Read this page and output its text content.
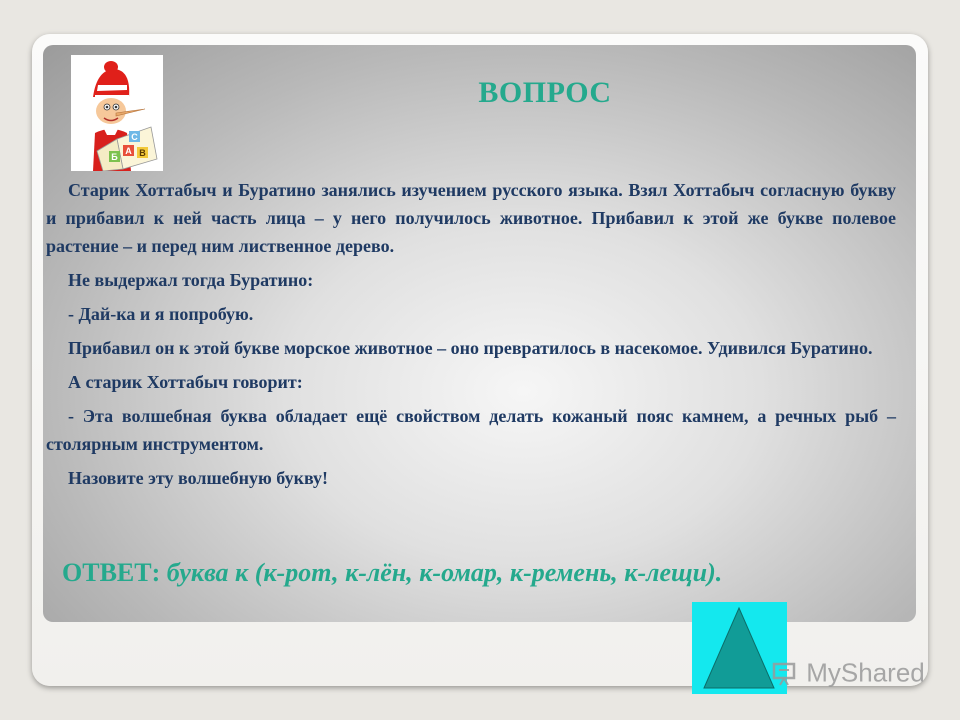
С
А В
Б
ВОПРОС

Старик Хоттабыч и Буратино занялись изучением русского языка. Взял Хоттабыч согласную букву и прибавил к ней часть лица – у него получилось животное. Прибавил к этой же букве полевое растение – и перед ним лиственное дерево.

Не выдержал тогда Буратино:

- Дай-ка и я попробую.

Прибавил он к этой букве морское животное – оно превратилось в насекомое. Удивился Буратино.

А старик Хоттабыч говорит:

- Эта волшебная буква обладает ещё свойством делать кожаный пояс камнем, а речных рыб – столярным инструментом.

Назовите эту волшебную букву!

ОТВЕТ: буква к (к-рот, к-лён, к-омар, к-ремень, к-лещи).
MyShared
